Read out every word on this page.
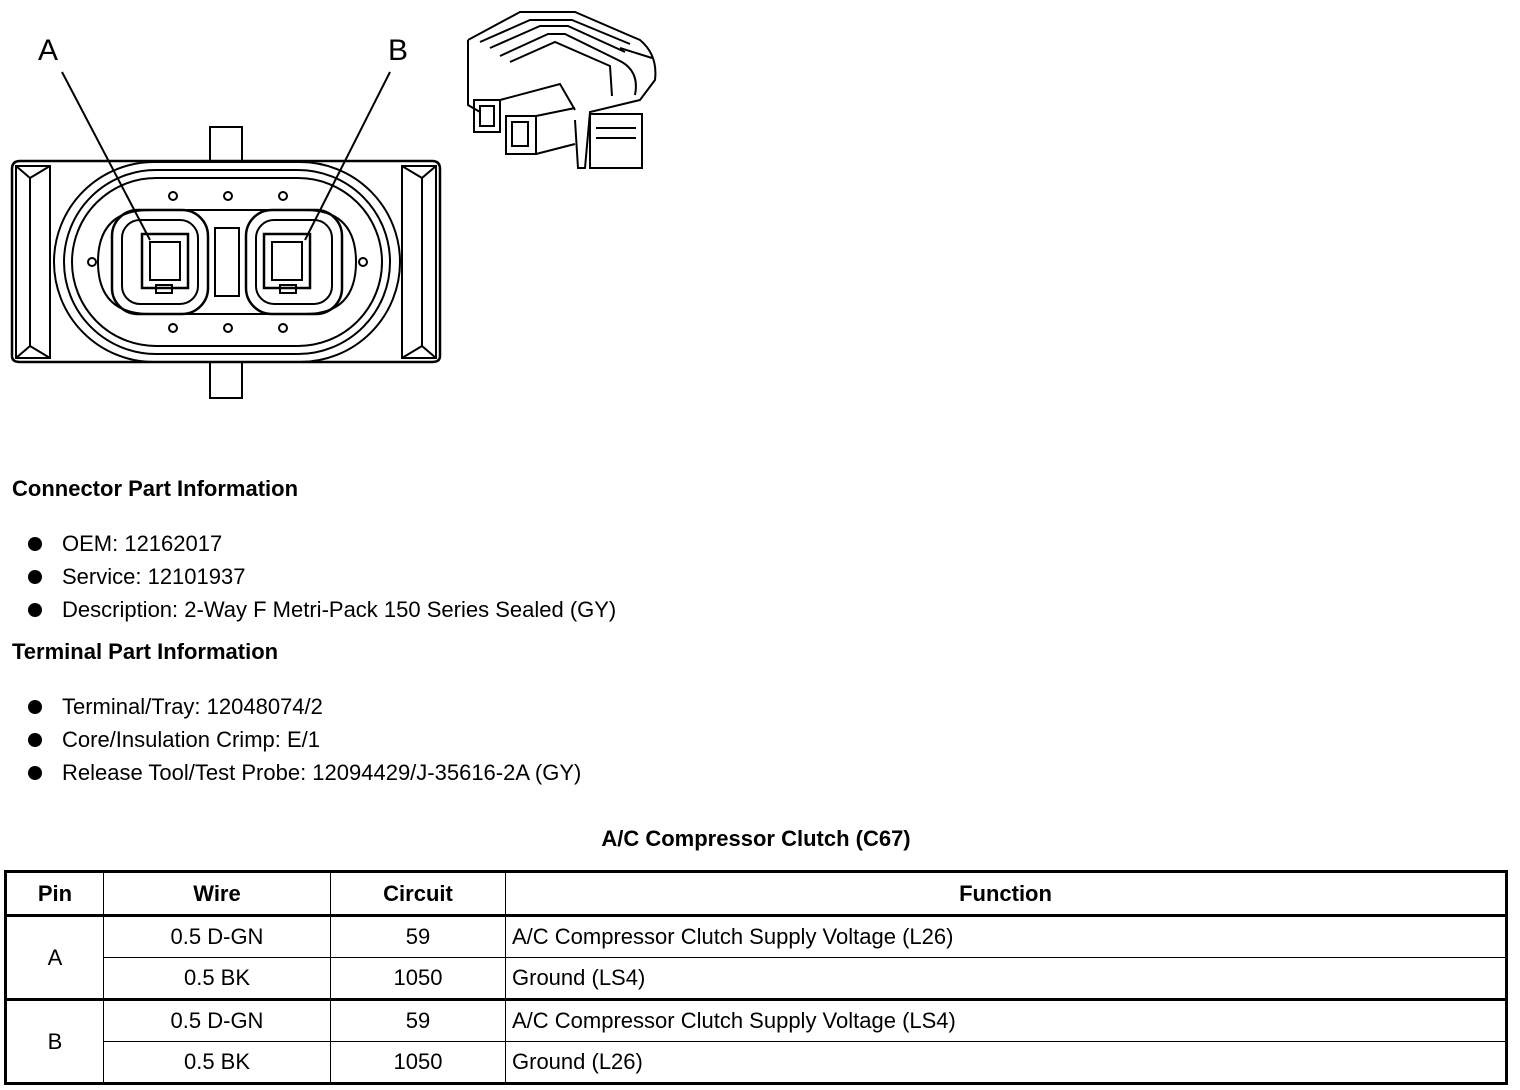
A	B
Connector Part Information
OEM: 12162017
Service: 12101937
Description: 2-Way F Metri-Pack 150 Series Sealed (GY)
Terminal Part Information
Terminal/Tray: 12048074/2
Core/Insulation Crimp: E/1
Release Tool/Test Probe: 12094429/J-35616-2A (GY)
A/C Compressor Clutch (C67)
Pin	Wire	Circuit	Function
A	0.5 D-GN	59	A/C Compressor Clutch Supply Voltage (L26)
	0.5 BK	1050	Ground (LS4)
B	0.5 D-GN	59	A/C Compressor Clutch Supply Voltage (LS4)
	0.5 BK	1050	Ground (L26)
